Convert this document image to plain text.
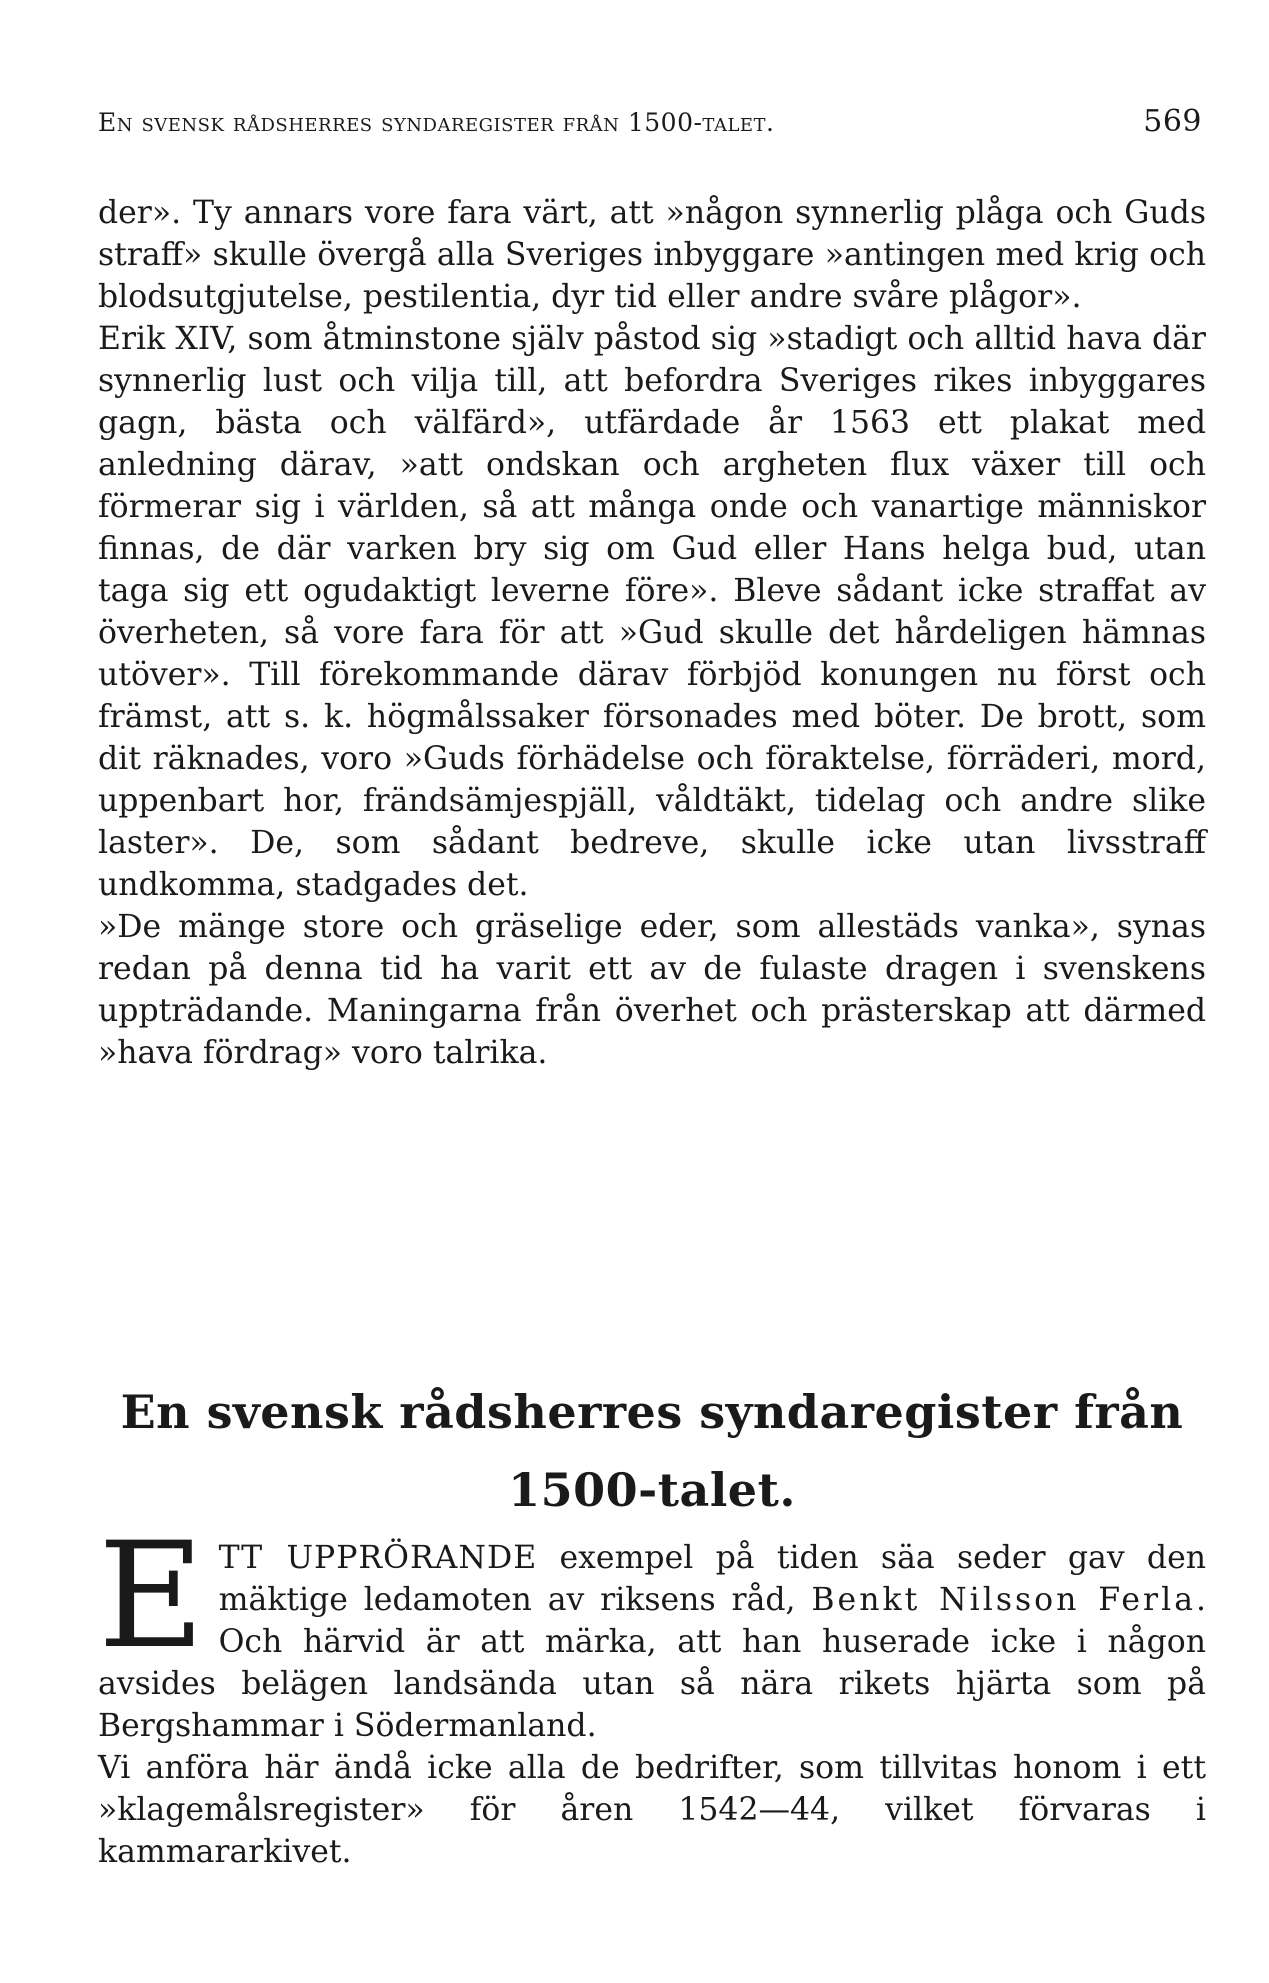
En svensk rådsherres syndaregister från 1500-talet.	569

der». Ty annars vore fara värt, att »någon synnerlig plåga och Guds straff» skulle övergå alla Sveriges inbyggare »antingen med krig och blodsutgjutelse, pestilentia, dyr tid eller andre svåre plågor».

Erik XIV, som åtminstone själv påstod sig »stadigt och alltid hava där synnerlig lust och vilja till, att befordra Sveriges rikes inbyggares gagn, bästa och välfärd», utfärdade år 1563 ett plakat med anledning därav, »att ondskan och argheten flux växer till och förmerar sig i världen, så att många onde och vanartige människor finnas, de där varken bry sig om Gud eller Hans helga bud, utan taga sig ett ogudaktigt leverne före». Bleve sådant icke straffat av överheten, så vore fara för att »Gud skulle det hårdeligen hämnas utöver». Till förekommande därav förbjöd konungen nu först och främst, att s. k. högmålssaker försonades med böter. De brott, som dit räknades, voro »Guds förhädelse och föraktelse, förräderi, mord, uppenbart hor, frändsämjespjäll, våldtäkt, tidelag och andre slike laster». De, som sådant bedreve, skulle icke utan livsstraff undkomma, stadgades det.

»De mänge store och gräselige eder, som allestäds vanka», synas redan på denna tid ha varit ett av de fulaste dragen i svenskens uppträdande. Maningarna från överhet och prästerskap att därmed »hava fördrag» voro talrika.

En svensk rådsherres syndaregister från
1500-talet.

ETT UPPRÖRANDE exempel på tiden säa seder gav den mäktige ledamoten av riksens råd, Benkt Nilsson Ferla. Och härvid är att märka, att han huserade icke i någon avsides belägen landsända utan så nära rikets hjärta som på Bergshammar i Södermanland.

Vi anföra här ändå icke alla de bedrifter, som tillvitas honom i ett »klagemålsregister» för åren 1542—44, vilket förvaras i kammararkivet.
